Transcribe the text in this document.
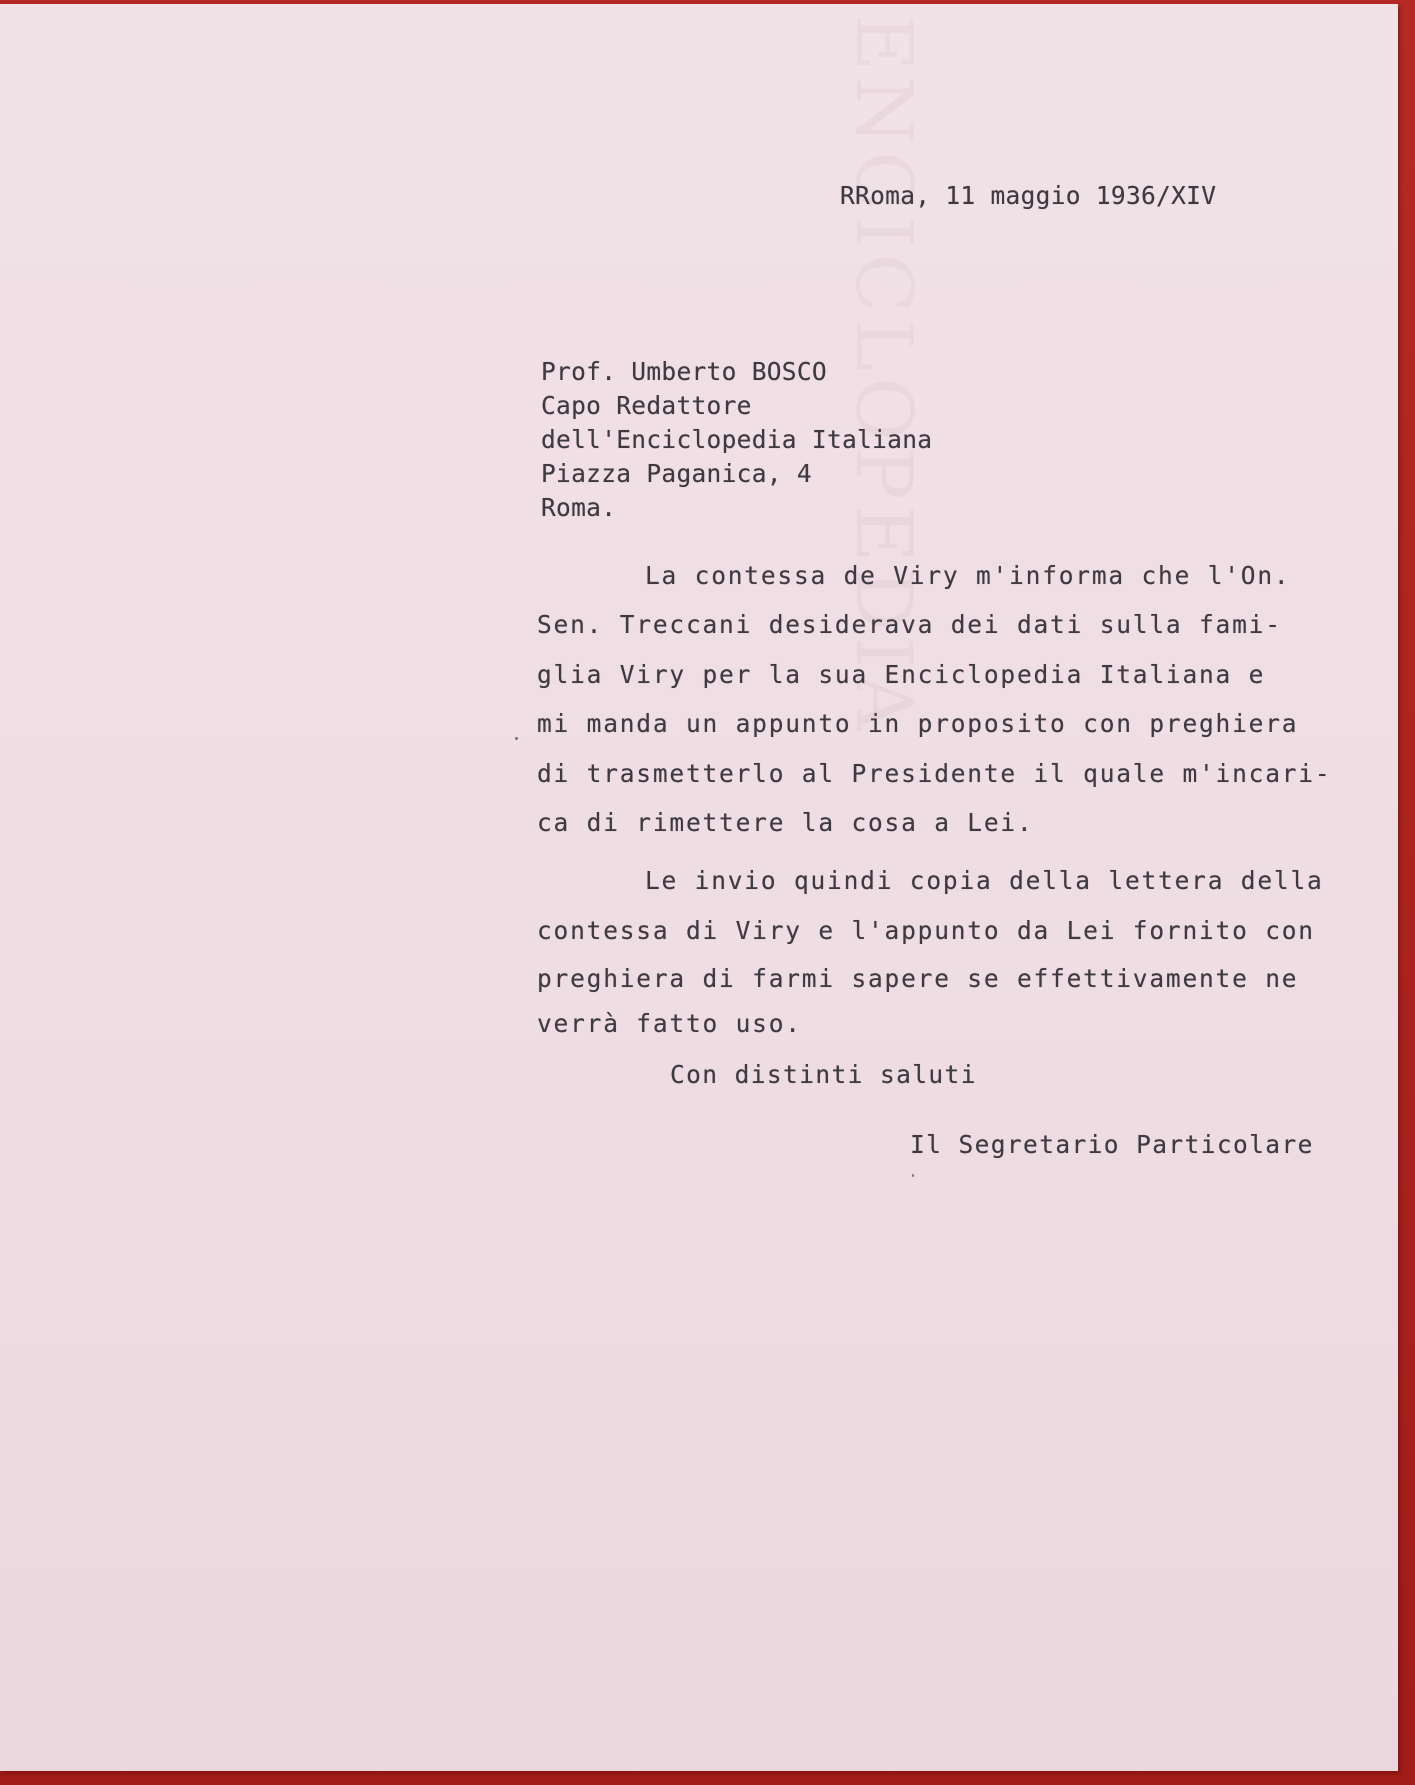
ENCICLOPEDIA
RRoma, 11 maggio 1936/XIV
Prof. Umberto BOSCO
Capo Redattore
dell'Enciclopedia Italiana
Piazza Paganica, 4
Roma.
La contessa de Viry m'informa che l'On.
Sen. Treccani desiderava dei dati sulla fami-
glia Viry per la sua Enciclopedia Italiana e
mi manda un appunto in proposito con preghiera
di trasmetterlo al Presidente il quale m'incari-
ca di rimettere la cosa a Lei.
Le invio quindi copia della lettera della
contessa di Viry e l'appunto da Lei fornito con
preghiera di farmi sapere se effettivamente ne
verrà fatto uso.
Con distinti saluti
Il Segretario Particolare
